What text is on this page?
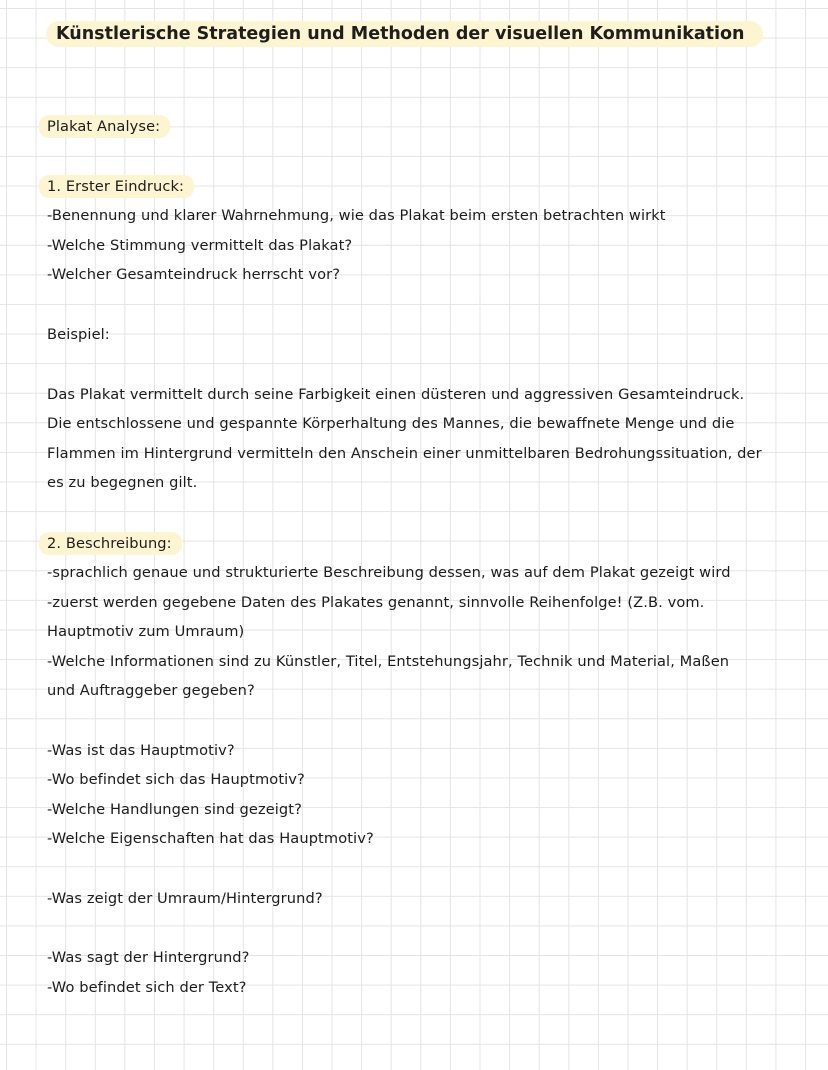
Künstlerische Strategien und Methoden der visuellen Kommunikation
Plakat Analyse:
1. Erster Eindruck:
-Benennung und klarer Wahrnehmung, wie das Plakat beim ersten betrachten wirkt
-Welche Stimmung vermittelt das Plakat?
-Welcher Gesamteindruck herrscht vor?
Beispiel:
Das Plakat vermittelt durch seine Farbigkeit einen düsteren und aggressiven Gesamteindruck.
Die entschlossene und gespannte Körperhaltung des Mannes, die bewaffnete Menge und die
Flammen im Hintergrund vermitteln den Anschein einer unmittelbaren Bedrohungssituation, der
es zu begegnen gilt.
2. Beschreibung:
-sprachlich genaue und strukturierte Beschreibung dessen, was auf dem Plakat gezeigt wird
-zuerst werden gegebene Daten des Plakates genannt, sinnvolle Reihenfolge! (Z.B. vom.
Hauptmotiv zum Umraum)
-Welche Informationen sind zu Künstler, Titel, Entstehungsjahr, Technik und Material, Maßen
und Auftraggeber gegeben?
-Was ist das Hauptmotiv?
-Wo befindet sich das Hauptmotiv?
-Welche Handlungen sind gezeigt?
-Welche Eigenschaften hat das Hauptmotiv?
-Was zeigt der Umraum/Hintergrund?
-Was sagt der Hintergrund?
-Wo befindet sich der Text?
